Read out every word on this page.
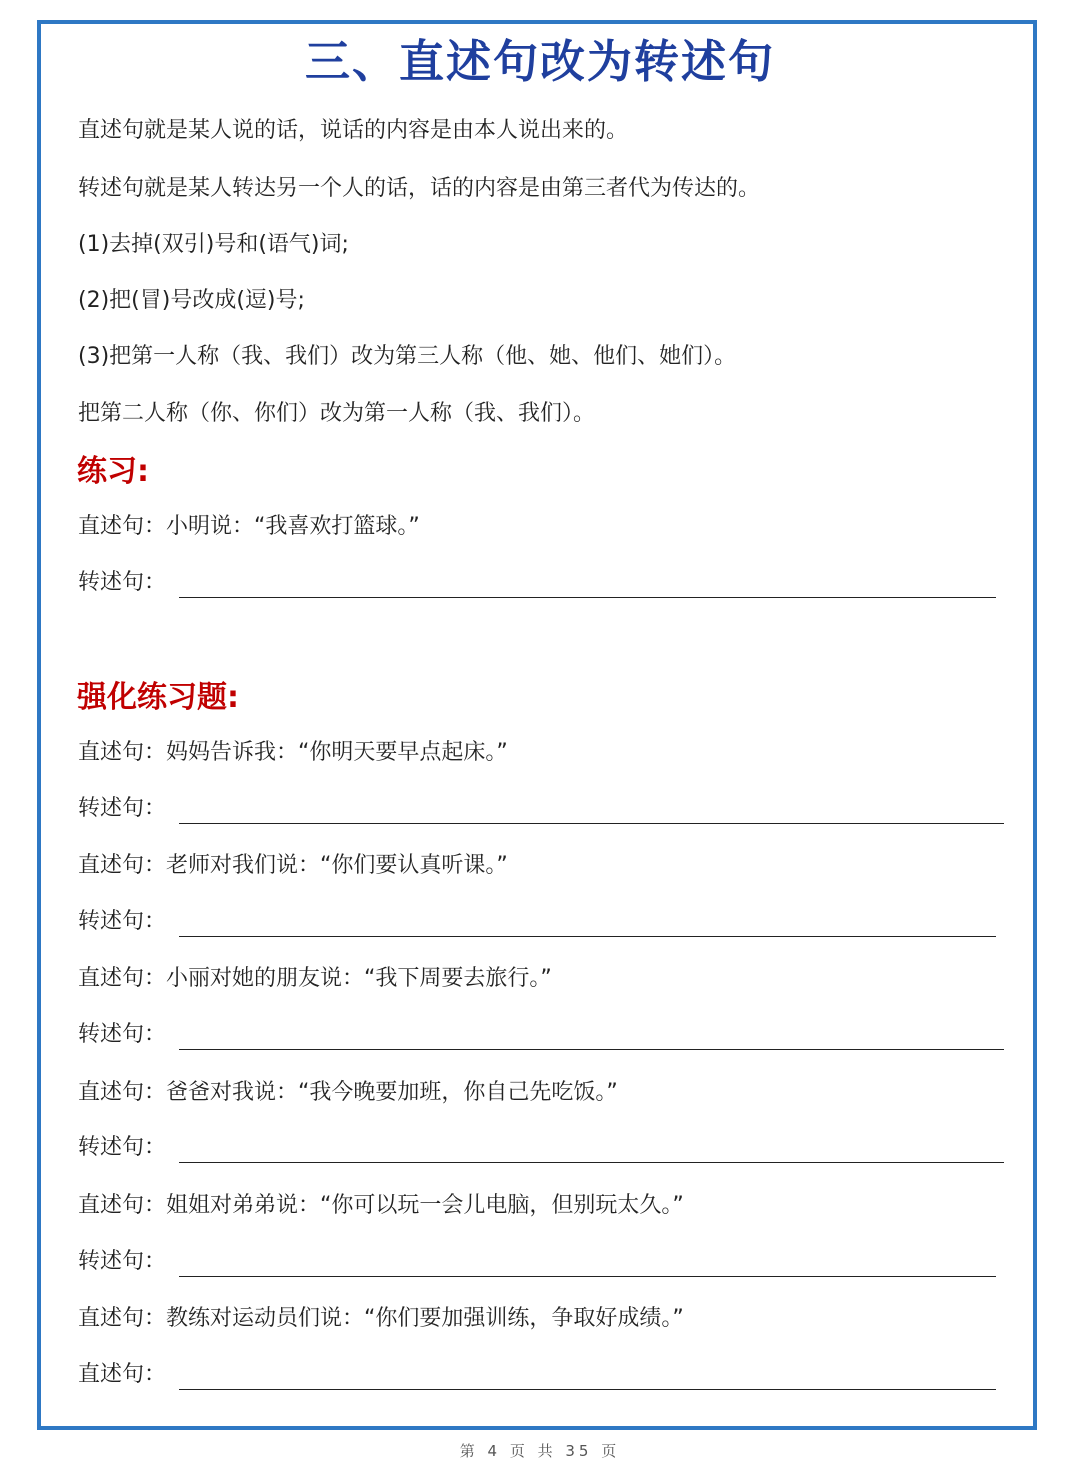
三、直述句改为转述句
直述句就是某人说的话，说话的内容是由本人说出来的。
转述句就是某人转达另一个人的话，话的内容是由第三者代为传达的。
(1)去掉(双引)号和(语气)词;
(2)把(冒)号改成(逗)号;
(3)把第一人称（我、我们）改为第三人称（他、她、他们、她们）。
把第二人称（你、你们）改为第一人称（我、我们）。
练习:
直述句：小明说：“我喜欢打篮球。”
转述句：
强化练习题:
直述句：妈妈告诉我：“你明天要早点起床。”
转述句：
直述句：老师对我们说：“你们要认真听课。”
转述句：
直述句：小丽对她的朋友说：“我下周要去旅行。”
转述句：
直述句：爸爸对我说：“我今晚要加班，你自己先吃饭。”
转述句：
直述句：姐姐对弟弟说：“你可以玩一会儿电脑，但别玩太久。”
转述句：
直述句：教练对运动员们说：“你们要加强训练，争取好成绩。”
直述句：
第 4 页 共 35 页
